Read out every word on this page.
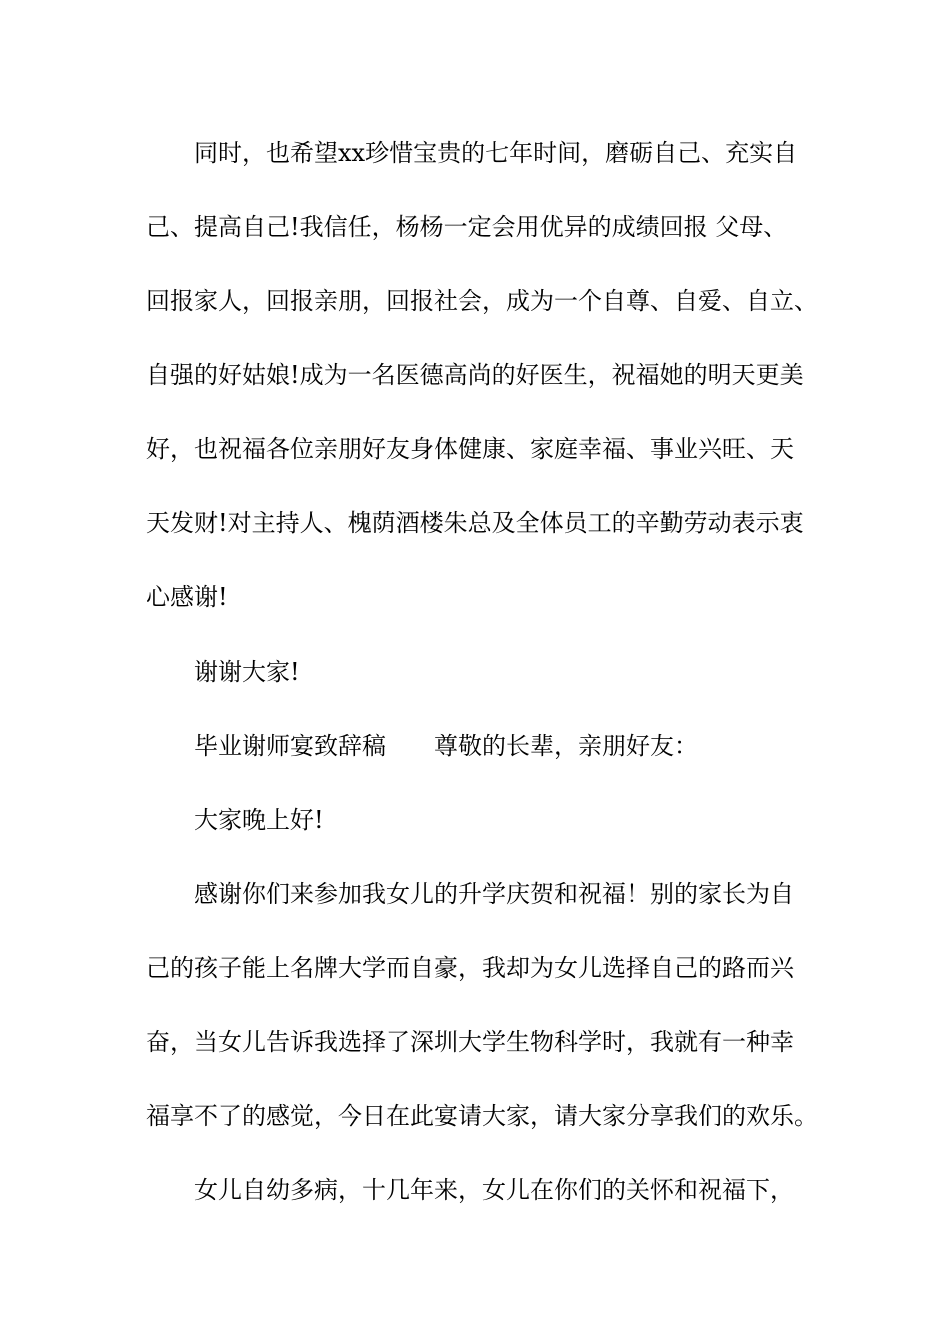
同时，也希望xx珍惜宝贵的七年时间，磨砺自己、充实自
己、提高自己!我信任，杨杨一定会用优异的成绩回报 父母、
回报家人，回报亲朋，回报社会，成为一个自尊、自爱、自立、
自强的好姑娘!成为一名医德高尚的好医生，祝福她的明天更美
好，也祝福各位亲朋好友身体健康、家庭幸福、事业兴旺、天
天发财!对主持人、槐荫酒楼朱总及全体员工的辛勤劳动表示衷
心感谢!
谢谢大家!
毕业谢师宴致辞稿 尊敬的长辈，亲朋好友：
大家晚上好!
感谢你们来参加我女儿的升学庆贺和祝福！别的家长为自
己的孩子能上名牌大学而自豪，我却为女儿选择自己的路而兴
奋，当女儿告诉我选择了深圳大学生物科学时，我就有一种幸
福享不了的感觉，今日在此宴请大家，请大家分享我们的欢乐。
女儿自幼多病，十几年来，女儿在你们的关怀和祝福下，
